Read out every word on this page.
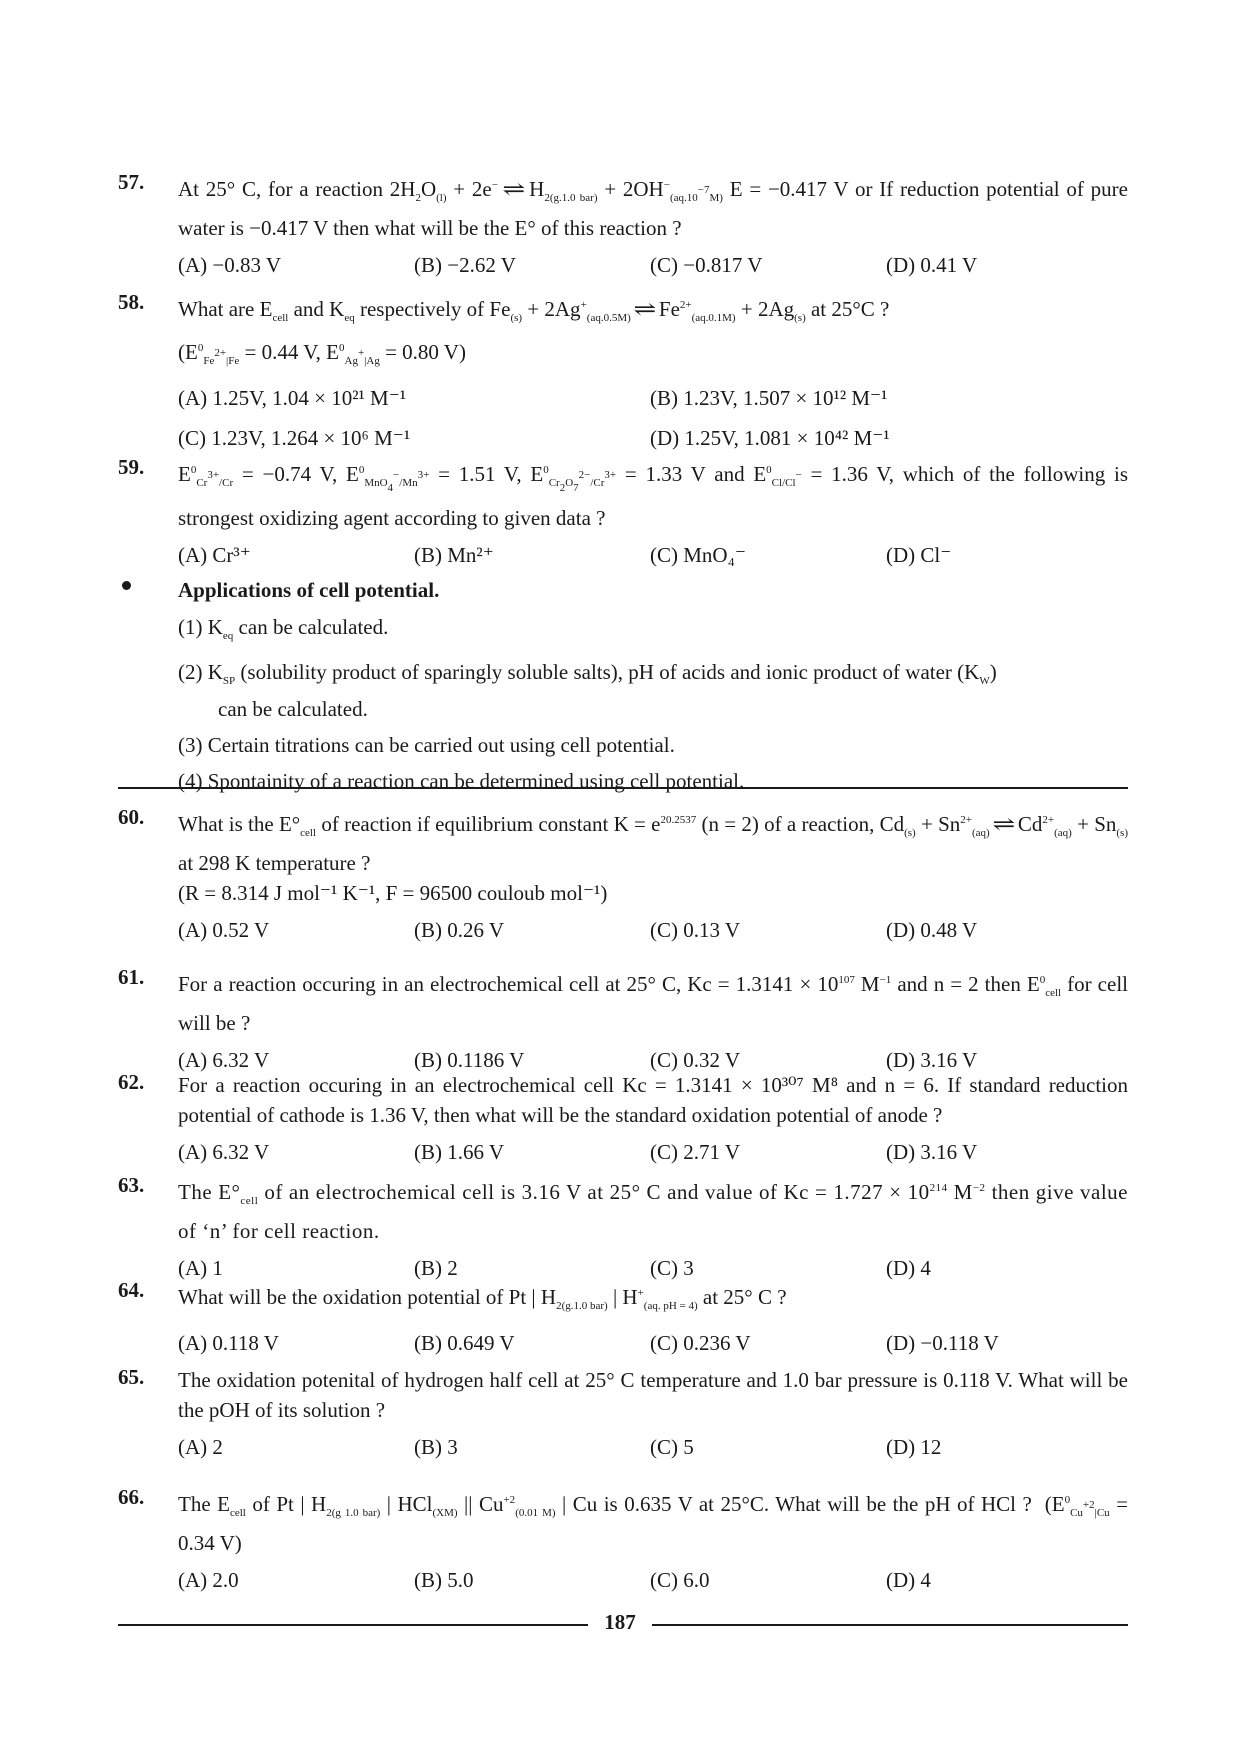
57.	At 25° C, for a reaction $2H_2O_{(l)} + 2e^-$ ⇌ $H_{2(g.1.0 bar)} + 2OH^-_{(aq.10^{-7}M)}$ E = −0.417 V or If reduction potential of pure water is −0.417 V then what will be the E° of this reaction ?
(A) −0.83 V	(B) −2.62 V	(C) −0.817 V	(D) 0.41 V
58.	What are $E_{cell}$ and $K_{eq}$ respectively of $Fe_{(s)} + 2Ag^+_{(aq.0.5M)}$ ⇌ $Fe^{2+}_{(aq.0.1M)} + 2Ag_{(s)}$ at 25°C ?
($E^0_{Fe^{2+}|Fe} = 0.44$ V, $E^0_{Ag^+|Ag} = 0.80$ V)
(A) 1.25V, 1.04 × 10²¹ M⁻¹	(B) 1.23V, 1.507 × 10¹² M⁻¹
(C) 1.23V, 1.264 × 10⁶ M⁻¹	(D) 1.25V, 1.081 × 10⁴² M⁻¹
59.	$E^0_{Cr^{3+}/Cr} = -0.74$ V, $E^0_{MnO_4^-/Mn^{3+}} = 1.51$ V, $E^0_{Cr_2O_7^{2-}/Cr^{3+}} = 1.33$ V and $E^0_{Cl/Cl^-} = 1.36$ V, which of the following is strongest oxidizing agent according to given data ?
(A) Cr³⁺	(B) Mn²⁺	(C) MnO₄⁻	(D) Cl⁻
Applications of cell potential.
(1) $K_{eq}$ can be calculated.
(2) $K_{SP}$ (solubility product of sparingly soluble salts), pH of acids and ionic product of water $(K_W)$
can be calculated.
(3) Certain titrations can be carried out using cell potential.
(4) Spontainity of a reaction can be determined using cell potential.
60.	What is the $E^\circ_{cell}$ of reaction if equilibrium constant $K = e^{20.2537}$ (n = 2) of a reaction, $Cd_{(s)} + Sn^{2+}_{(aq)}$ ⇌ $Cd^{2+}_{(aq)} + Sn_{(s)}$ at 298 K temperature ?
(R = 8.314 J mol⁻¹ K⁻¹, F = 96500 couloub mol⁻¹)
(A) 0.52 V	(B) 0.26 V	(C) 0.13 V	(D) 0.48 V
61.	For a reaction occuring in an electrochemical cell at 25° C, $Kc = 1.3141 \times 10^{107}$ $M^{-1}$ and n = 2 then $E^0_{cell}$ for cell will be ?
(A) 6.32 V	(B) 0.1186 V	(C) 0.32 V	(D) 3.16 V
62.	For a reaction occuring in an electrochemical cell Kc = 1.3141 × 10³⁰⁷ M⁸ and n = 6. If standard reduction potential of cathode is 1.36 V, then what will be the standard oxidation potential of anode ?
(A) 6.32 V	(B) 1.66 V	(C) 2.71 V	(D) 3.16 V
63.	The $E^\circ_{cell}$ of an electrochemical cell is 3.16 V at 25° C and value of $Kc = 1.727 \times 10^{214}$ $M^{-2}$ then give value of ‘n’ for cell reaction.
(A) 1	(B) 2	(C) 3	(D) 4
64.	What will be the oxidation potential of Pt | $H_{2(g.1.0 bar)}$ | $H^+_{(aq. pH = 4)}$ at 25° C ?
(A) 0.118 V	(B) 0.649 V	(C) 0.236 V	(D) −0.118 V
65.	The oxidation potenital of hydrogen half cell at 25° C temperature and 1.0 bar pressure is 0.118 V. What will be the pOH of its solution ?
(A) 2	(B) 3	(C) 5	(D) 12
66.	The $E_{cell}$ of Pt | $H_{2(g 1.0 bar)}$ | HCl$_{(XM)}$ || $Cu^{+2}_{(0.01 M)}$ | Cu is 0.635 V at 25°C. What will be the pH of HCl ?  ($E^0_{Cu^{+2}|Cu} = 0.34$ V)
(A) 2.0	(B) 5.0	(C) 6.0	(D) 4
187
